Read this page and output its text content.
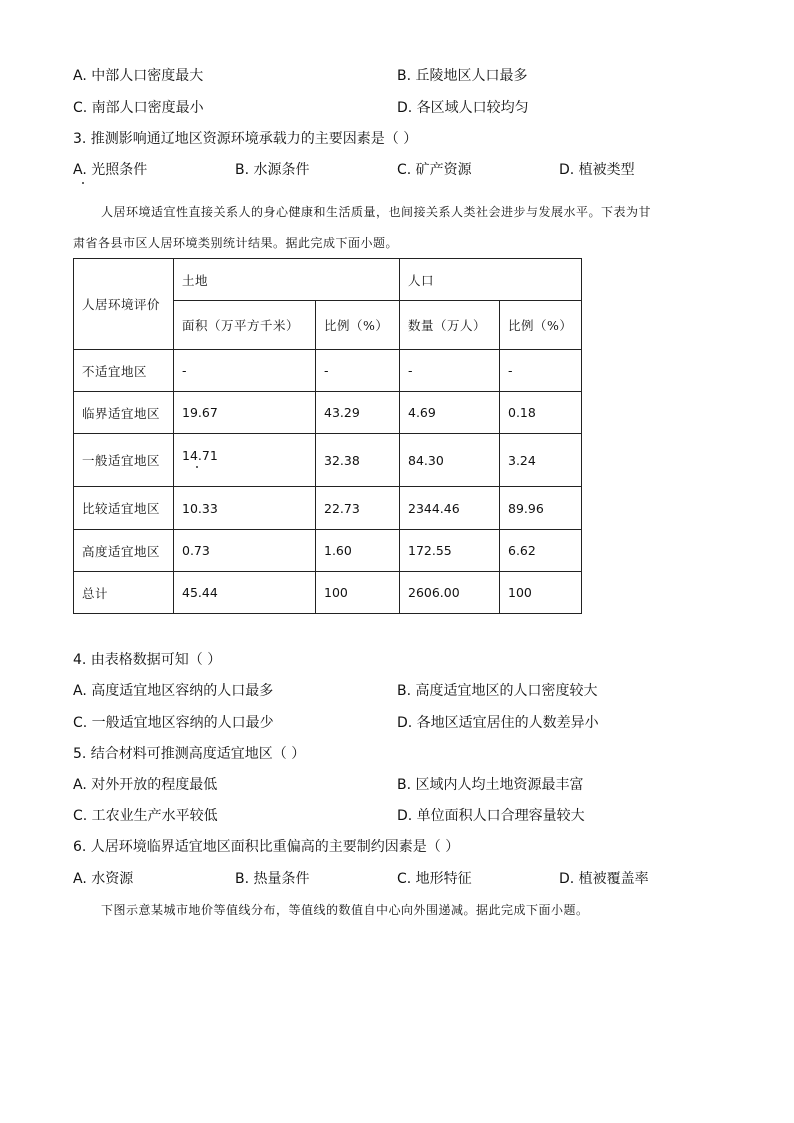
A. 中部人口密度最大	B. 丘陵地区人口最多
C. 南部人口密度最小	D. 各区域人口较均匀
3. 推测影响通辽地区资源环境承载力的主要因素是（ ）
A. 光照条件	B. 水源条件	C. 矿产资源	D. 植被类型
人居环境适宜性直接关系人的身心健康和生活质量，也间接关系人类社会进步与发展水平。下表为甘
肃省各县市区人居环境类别统计结果。据此完成下面小题。
人居环境评价	土地		人口	
	面积（万平方千米）	比例（%）	数量（万人）	比例（%）
不适宜地区	-	-	-	-
临界适宜地区	19.67	43.29	4.69	0.18
一般适宜地区	14.71	32.38	84.30	3.24
比较适宜地区	10.33	22.73	2344.46	89.96
高度适宜地区	0.73	1.60	172.55	6.62
总计	45.44	100	2606.00	100
4. 由表格数据可知（ ）
A. 高度适宜地区容纳的人口最多	B. 高度适宜地区的人口密度较大
C. 一般适宜地区容纳的人口最少	D. 各地区适宜居住的人数差异小
5. 结合材料可推测高度适宜地区（ ）
A. 对外开放的程度最低	B. 区域内人均土地资源最丰富
C. 工农业生产水平较低	D. 单位面积人口合理容量较大
6. 人居环境临界适宜地区面积比重偏高的主要制约因素是（ ）
A. 水资源	B. 热量条件	C. 地形特征	D. 植被覆盖率
下图示意某城市地价等值线分布，等值线的数值自中心向外围递减。据此完成下面小题。
